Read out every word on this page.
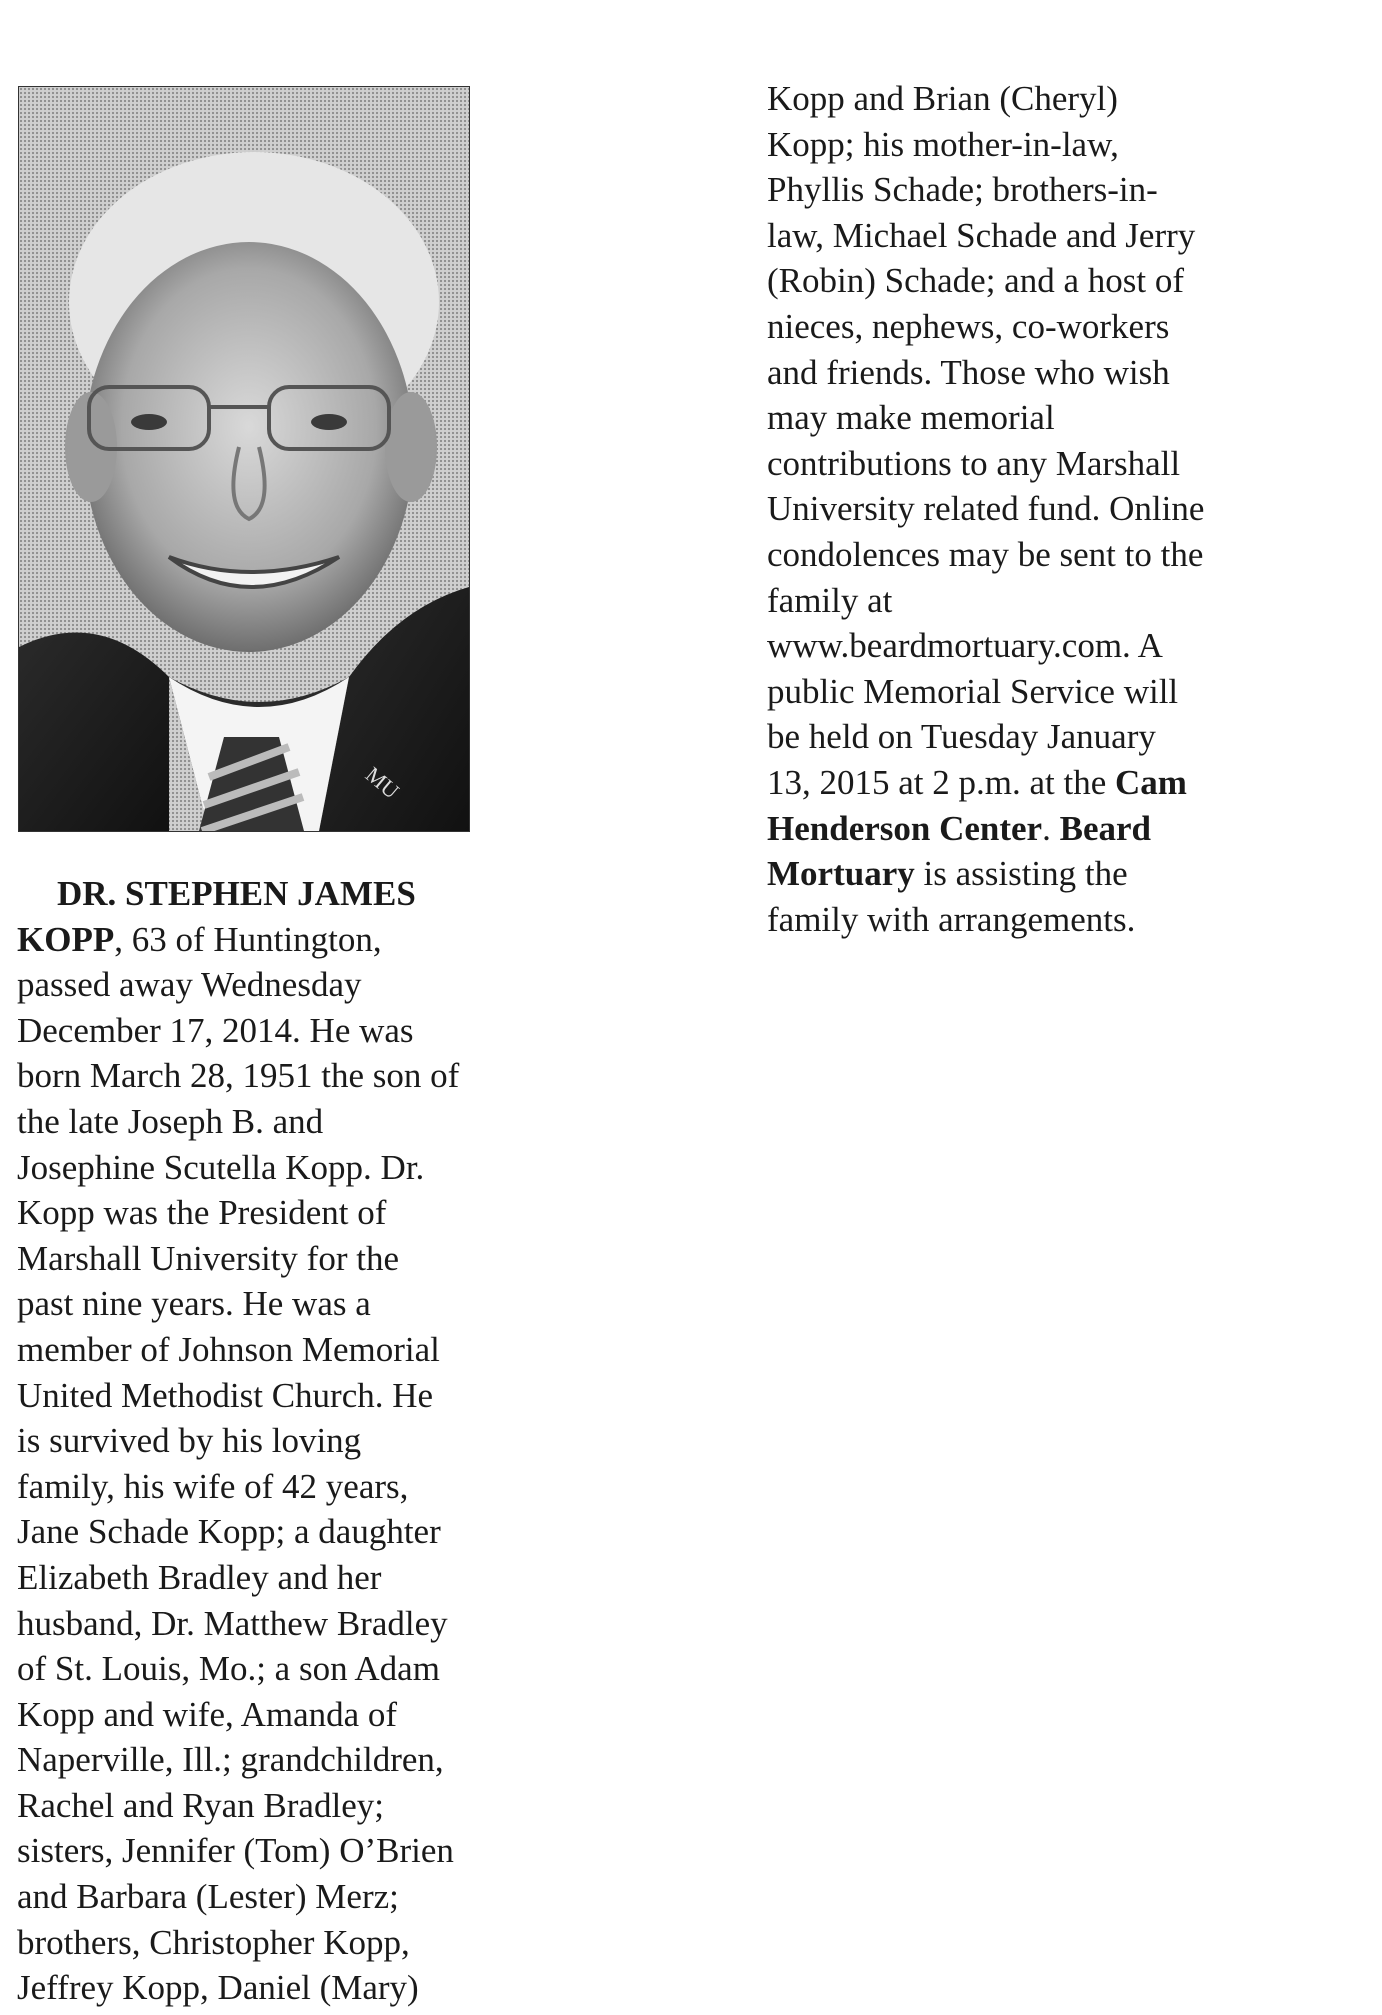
MU
DR. STEPHEN JAMES
KOPP, 63 of Huntington,
passed away Wednesday
December 17, 2014. He was
born March 28, 1951 the son of
the late Joseph B. and
Josephine Scutella Kopp. Dr.
Kopp was the President of
Marshall University for the
past nine years. He was a
member of Johnson Memorial
United Methodist Church. He
is survived by his loving
family, his wife of 42 years,
Jane Schade Kopp; a daughter
Elizabeth Bradley and her
husband, Dr. Matthew Bradley
of St. Louis, Mo.; a son Adam
Kopp and wife, Amanda of
Naperville, Ill.; grandchildren,
Rachel and Ryan Bradley;
sisters, Jennifer (Tom) O’Brien
and Barbara (Lester) Merz;
brothers, Christopher Kopp,
Jeffrey Kopp, Daniel (Mary)
Kopp and Brian (Cheryl)
Kopp; his mother-in-law,
Phyllis Schade; brothers-in-
law, Michael Schade and Jerry
(Robin) Schade; and a host of
nieces, nephews, co-workers
and friends. Those who wish
may make memorial
contributions to any Marshall
University related fund. Online
condolences may be sent to the
family at
www.beardmortuary.com. A
public Memorial Service will
be held on Tuesday January
13, 2015 at 2 p.m. at the Cam
Henderson Center. Beard
Mortuary is assisting the
family with arrangements.
